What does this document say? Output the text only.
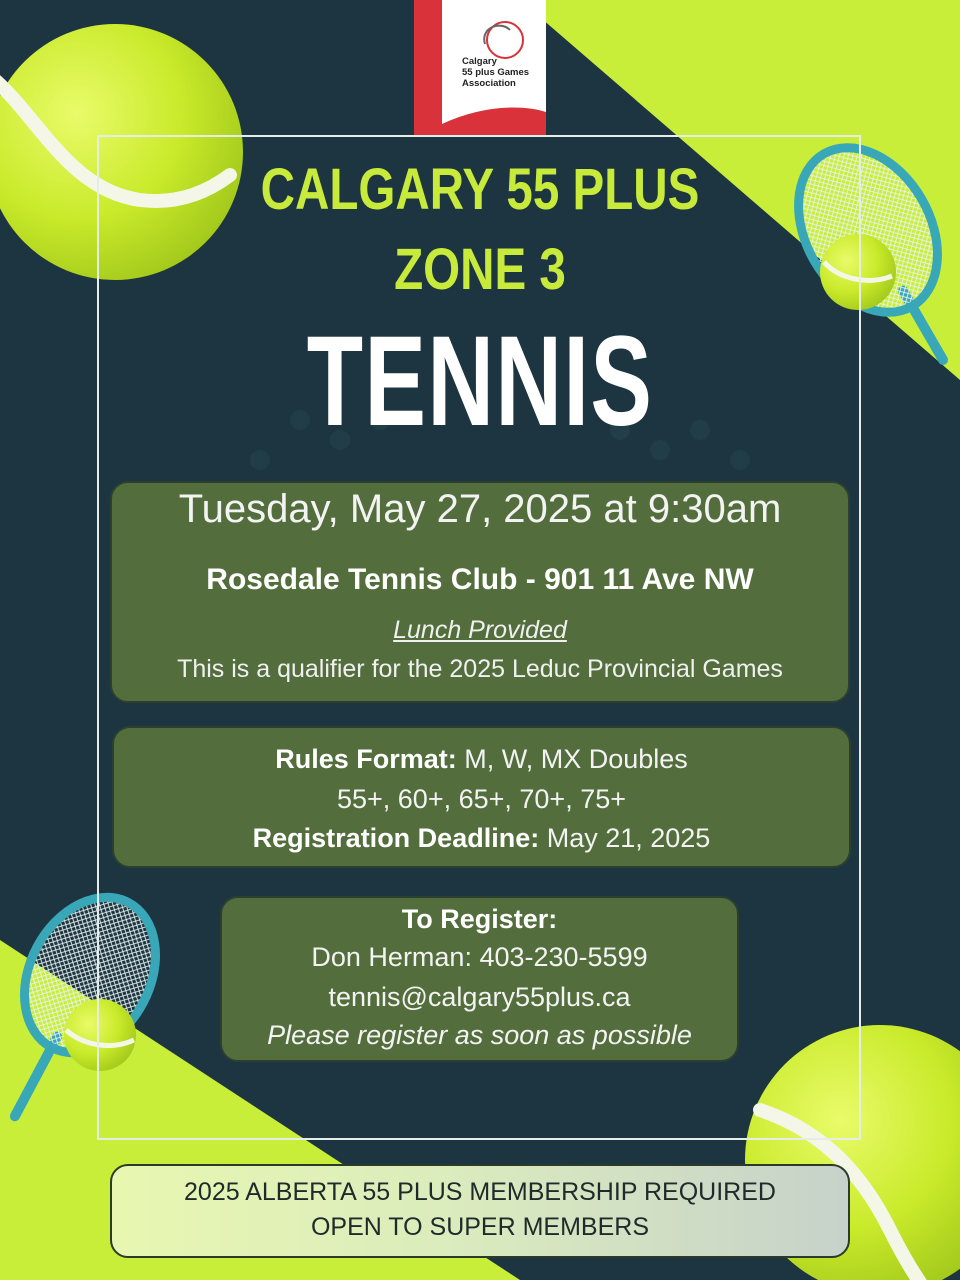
Calgary
55 plus Games
Association
CALGARY 55 PLUS
ZONE 3
TENNIS
Tuesday, May 27, 2025 at 9:30am
Rosedale Tennis Club - 901 11 Ave NW
Lunch Provided
This is a qualifier for the 2025 Leduc Provincial Games
Rules Format: M, W, MX Doubles
55+, 60+, 65+, 70+, 75+
Registration Deadline: May 21, 2025
To Register:
Don Herman: 403-230-5599
tennis@calgary55plus.ca
Please register as soon as possible
2025 ALBERTA 55 PLUS MEMBERSHIP REQUIRED
OPEN TO SUPER MEMBERS
